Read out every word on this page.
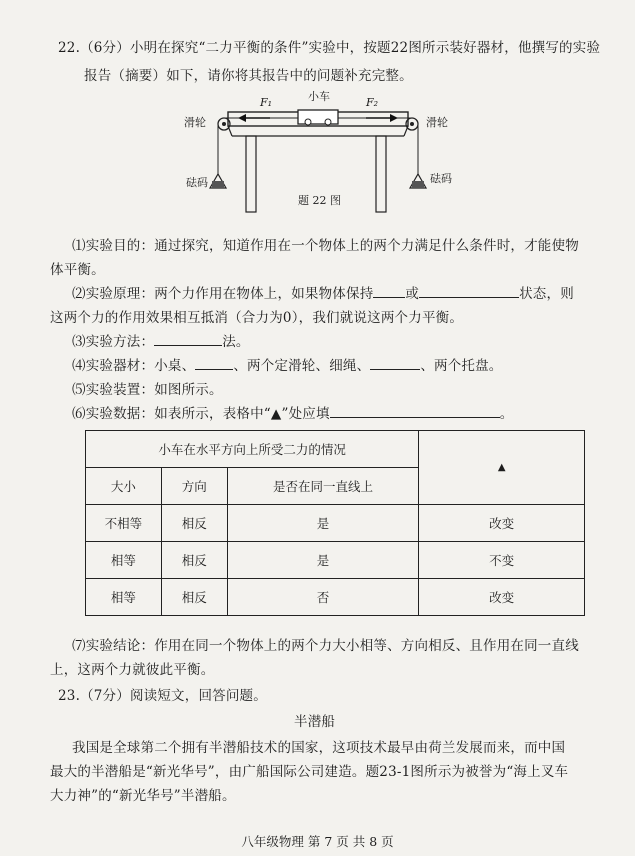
22.（6分）小明在探究“二力平衡的条件”实验中，按题22图所示装好器材，他撰写的实验
报告（摘要）如下，请你将其报告中的问题补充完整。
小车
F₁	F₂
滑轮	滑轮
砝码	砝码
题 22 图
⑴实验目的：通过探究，知道作用在一个物体上的两个力满足什么条件时，才能使物
体平衡。
⑵实验原理：两个力作用在物体上，如果物体保持 或	状态，则
这两个力的作用效果相互抵消（合力为0），我们就说这两个力平衡。
⑶实验方法：	法。
⑷实验器材：小桌、	、两个定滑轮、细绳、	、两个托盘。
⑸实验装置：如图所示。
⑹实验数据：如表所示，表格中“▲”处应填	。
小车在水平方向上所受二力的情况			▲
大小	方向	是否在同一直线上	
不相等	相反	是	改变
相等	相反	是	不变
相等	相反	否	改变
⑺实验结论：作用在同一个物体上的两个力大小相等、方向相反、且作用在同一直线
上，这两个力就彼此平衡。
23.（7分）阅读短文，回答问题。
半潜船
我国是全球第二个拥有半潜船技术的国家，这项技术最早由荷兰发展而来，而中国
最大的半潜船是“新光华号”，由广船国际公司建造。题23-1图所示为被誉为“海上叉车
大力神”的“新光华号”半潜船。
八年级物理 第 7 页 共 8 页
